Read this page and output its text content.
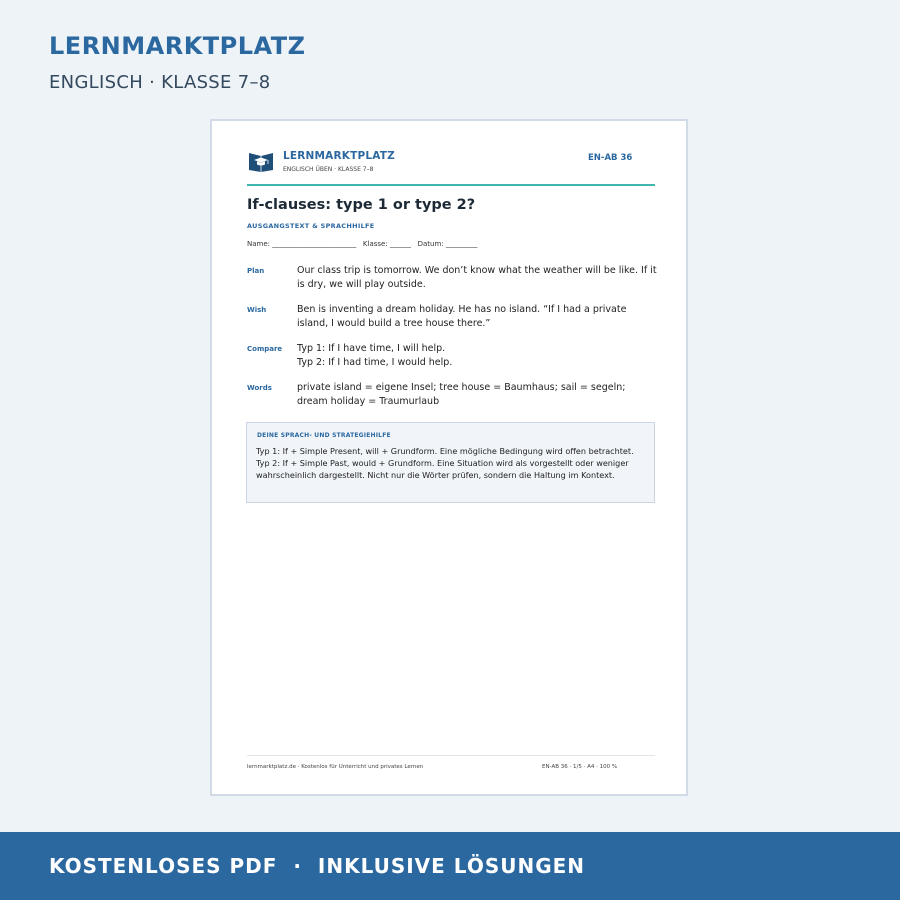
LERNMARKTPLATZ
ENGLISCH · KLASSE 7–8
LERNMARKTPLATZ
ENGLISCH ÜBEN · KLASSE 7–8
EN-AB 36
If-clauses: type 1 or type 2?
AUSGANGSTEXT & SPRACHHILFE
Name: ________________________   Klasse: ______   Datum: _________
Plan	Our class trip is tomorrow. We don’t know what the weather will be like. If it is dry, we will play outside.
Wish	Ben is inventing a dream holiday. He has no island. “If I had a private island, I would build a tree house there.”
Compare Typ 1: If I have time, I will help.
Typ 2: If I had time, I would help.
Words	private island = eigene Insel; tree house = Baumhaus; sail = segeln; dream holiday = Traumurlaub
DEINE SPRACH- UND STRATEGIEHILFE
Typ 1: If + Simple Present, will + Grundform. Eine mögliche Bedingung wird offen betrachtet. Typ 2: If + Simple Past, would + Grundform. Eine Situation wird als vorgestellt oder weniger wahrscheinlich dargestellt. Nicht nur die Wörter prüfen, sondern die Haltung im Kontext.
lernmarktplatz.de · Kostenlos für Unterricht und privates Lernen	EN-AB 36 · 1/5 · A4 · 100 %
KOSTENLOSES PDF  ·  INKLUSIVE LÖSUNGEN
